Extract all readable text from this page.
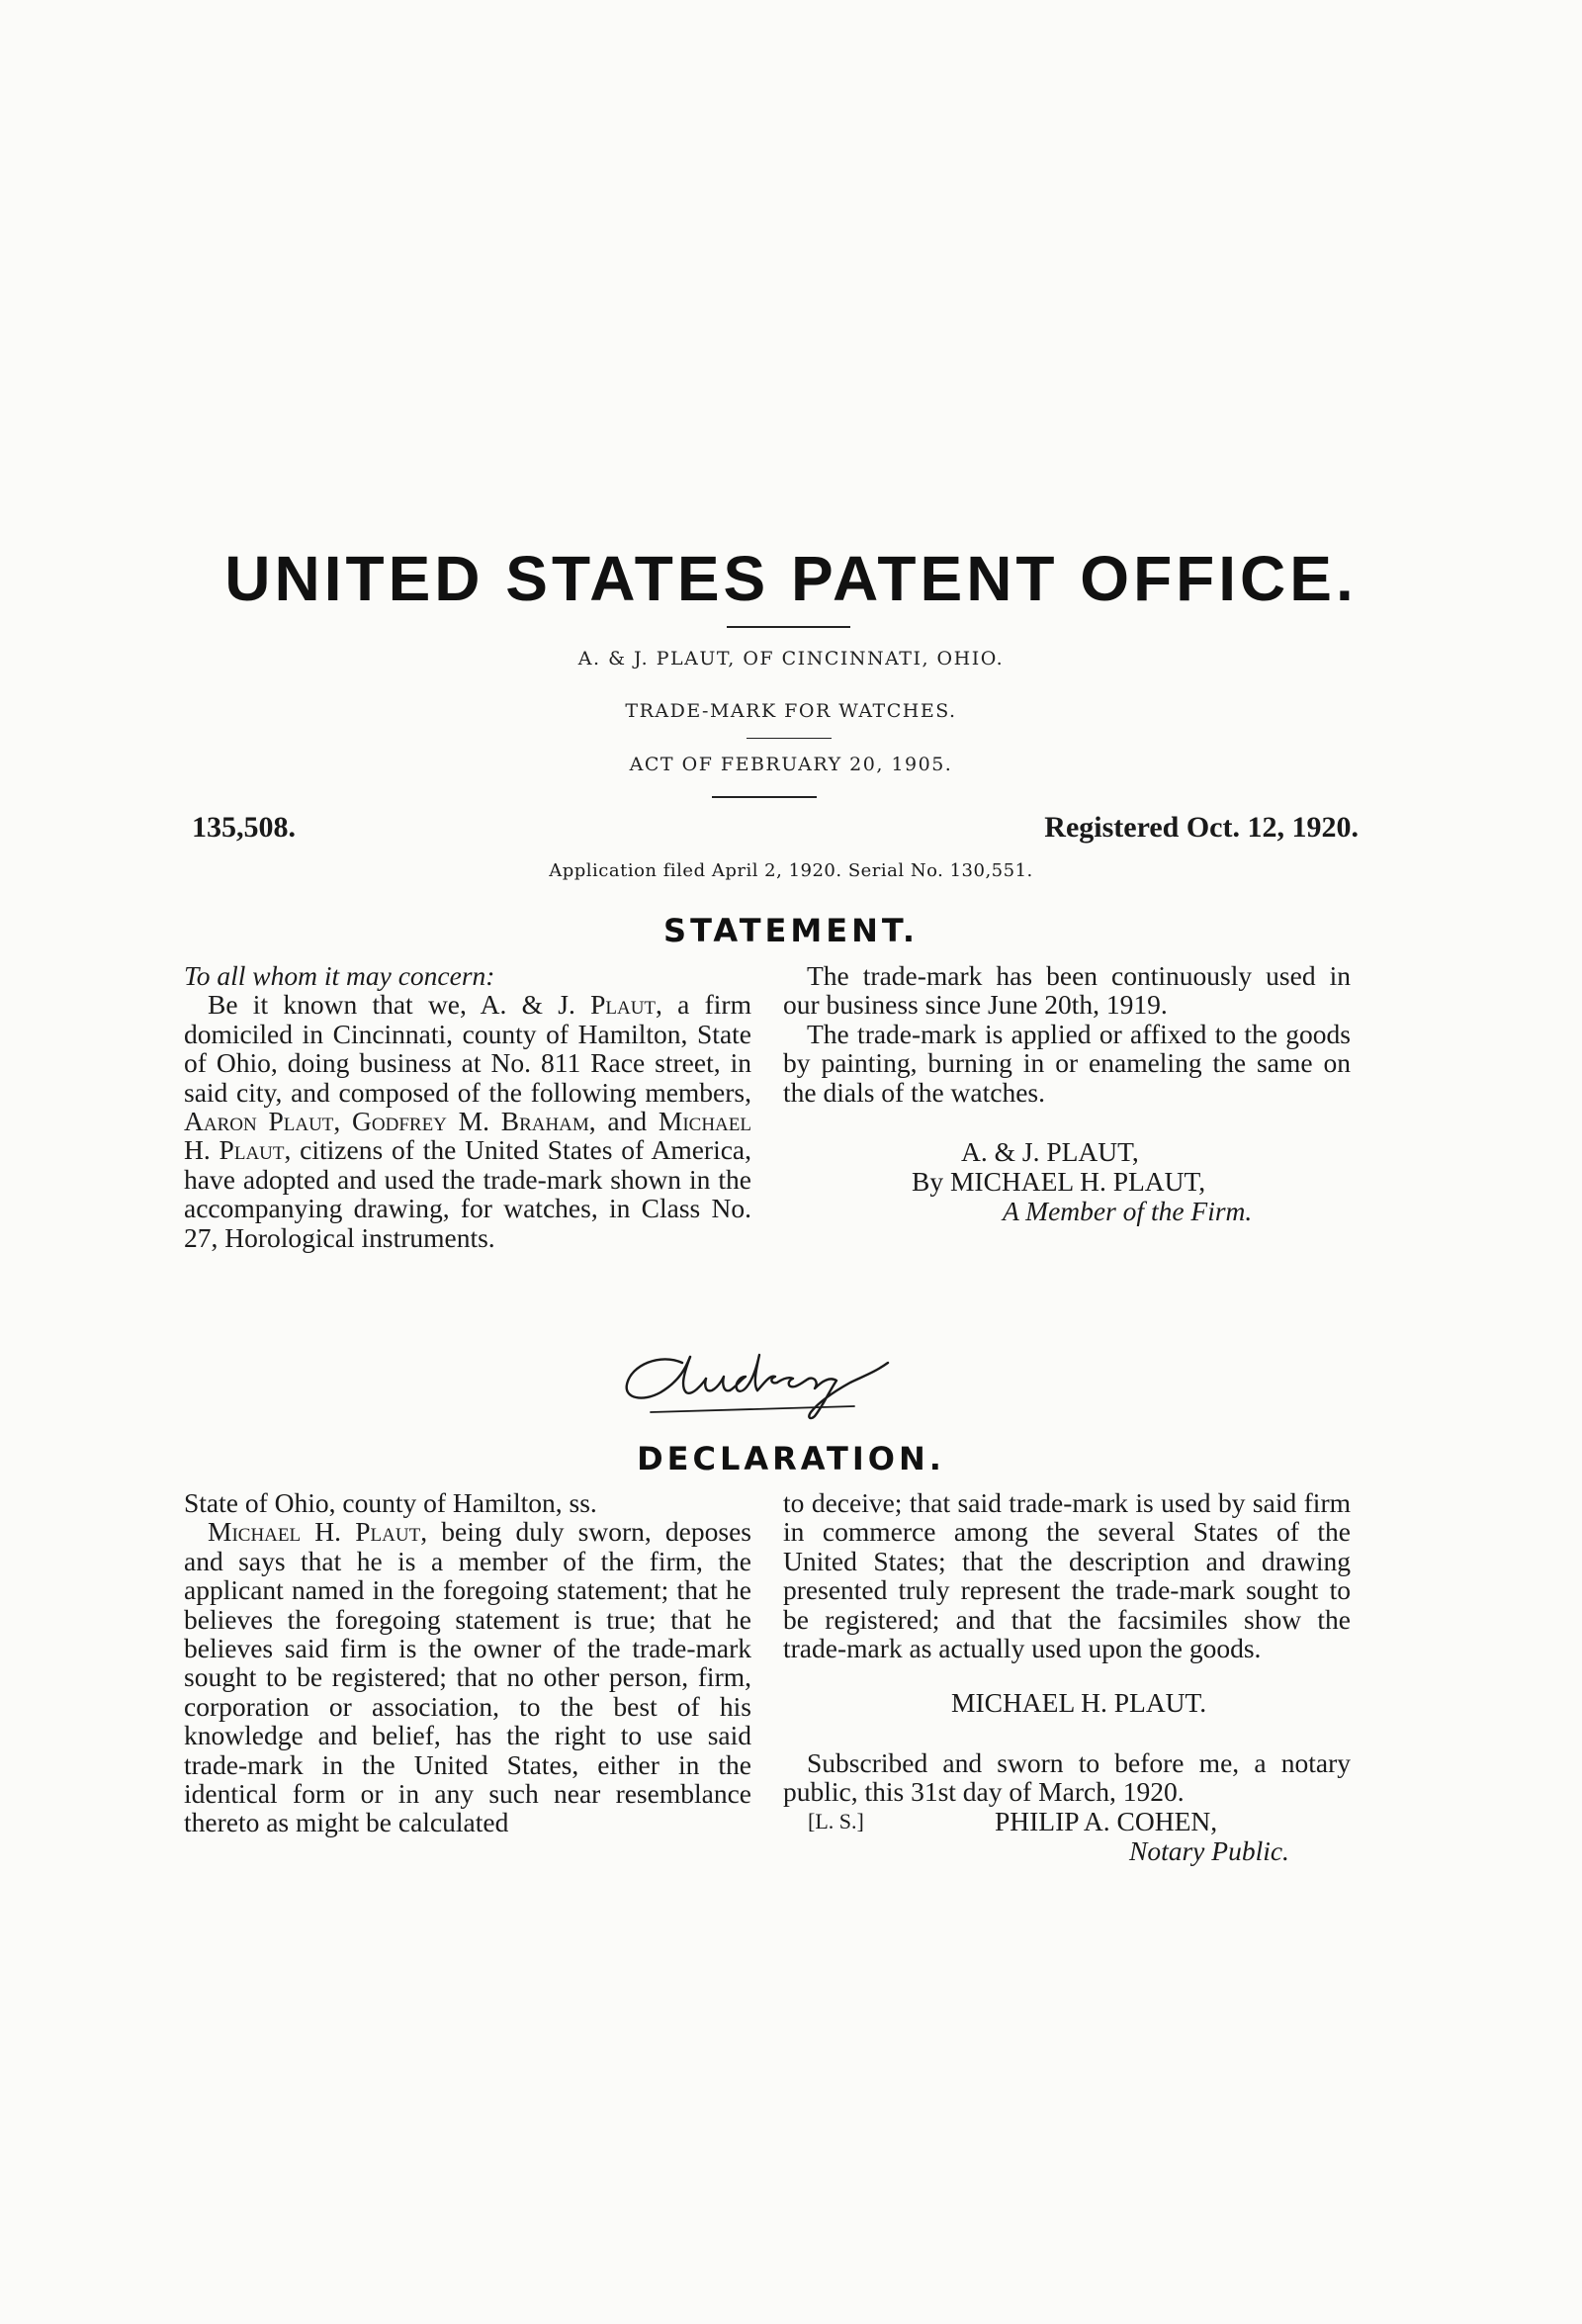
UNITED STATES PATENT OFFICE.
A. & J. PLAUT, OF CINCINNATI, OHIO.
TRADE-MARK FOR WATCHES.
ACT OF FEBRUARY 20, 1905.
135,508.	Registered Oct. 12, 1920.
Application filed April 2, 1920. Serial No. 130,551.
STATEMENT.

To all whom it may concern:

Be it known that we, A. & J. Plaut, a firm domiciled in Cincinnati, county of Hamilton, State of Ohio, doing business at No. 811 Race street, in said city, and composed of the following members, Aaron Plaut, Godfrey M. Braham, and Michael H. Plaut, citizens of the United States of America, have adopted and used the trade-mark shown in the accompanying drawing, for watches, in Class No. 27, Horological instruments.

The trade-mark has been continuously used in our business since June 20th, 1919.

The trade-mark is applied or affixed to the goods by painting, burning in or enameling the same on the dials of the watches.

A. & J. PLAUT,
By MICHAEL H. PLAUT,
A Member of the Firm.
DECLARATION.

State of Ohio, county of Hamilton, ss.

Michael H. Plaut, being duly sworn, deposes and says that he is a member of the firm, the applicant named in the foregoing statement; that he believes the foregoing statement is true; that he believes said firm is the owner of the trade-mark sought to be registered; that no other person, firm, corporation or association, to the best of his knowledge and belief, has the right to use said trade-mark in the United States, either in the identical form or in any such near resemblance thereto as might be calculated

to deceive; that said trade-mark is used by said firm in commerce among the several States of the United States; that the description and drawing presented truly represent the trade-mark sought to be registered; and that the facsimiles show the trade-mark as actually used upon the goods.

MICHAEL H. PLAUT.

Subscribed and sworn to before me, a notary public, this 31st day of March, 1920.

[L. S.]	PHILIP A. COHEN,
Notary Public.
